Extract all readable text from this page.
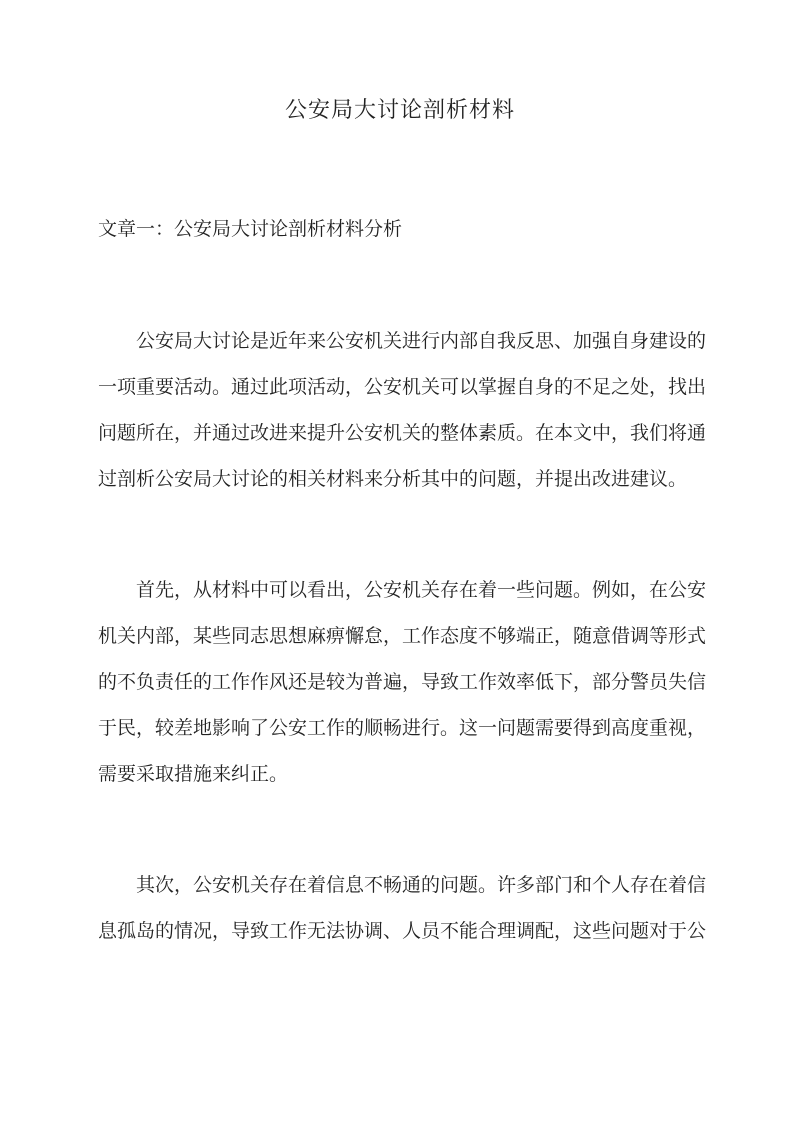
公安局大讨论剖析材料

文章一：公安局大讨论剖析材料分析

公安局大讨论是近年来公安机关进行内部自我反思、加强自身建设的
一项重要活动。通过此项活动，公安机关可以掌握自身的不足之处，找出
问题所在，并通过改进来提升公安机关的整体素质。在本文中，我们将通
过剖析公安局大讨论的相关材料来分析其中的问题，并提出改进建议。
首先，从材料中可以看出，公安机关存在着一些问题。例如，在公安
机关内部，某些同志思想麻痹懈怠，工作态度不够端正，随意借调等形式
的不负责任的工作作风还是较为普遍，导致工作效率低下，部分警员失信
于民，较差地影响了公安工作的顺畅进行。这一问题需要得到高度重视，
需要采取措施来纠正。
其次，公安机关存在着信息不畅通的问题。许多部门和个人存在着信
息孤岛的情况，导致工作无法协调、人员不能合理调配，这些问题对于公
